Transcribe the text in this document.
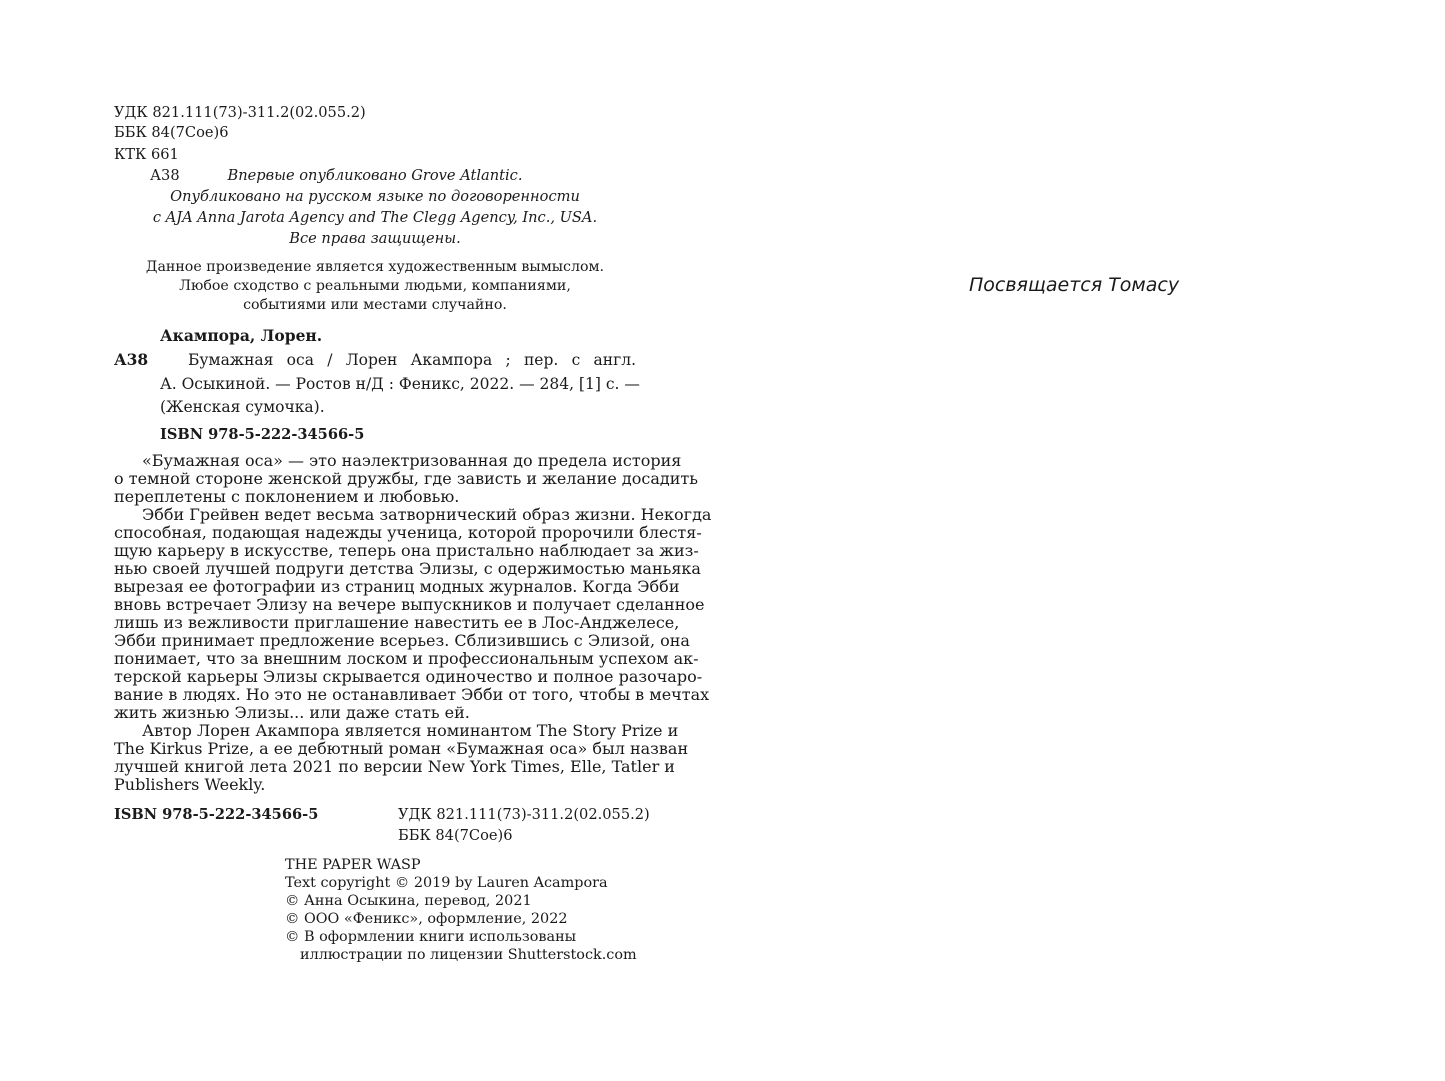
УДК 821.111(73)-311.2(02.055.2)
ББК 84(7Coe)6
КТК 661
А38	Впервые опубликовано Grove Atlantic.
Опубликовано на русском языке по договоренности
с AJA Anna Jarota Agency and The Clegg Agency, Inc., USA.
Все права защищены.
Данное произведение является художественным вымыслом.
Любое сходство с реальными людьми, компаниями,
событиями или местами случайно.
Акампора, Лорен.
А38	Бумажная оса / Лорен Акампора ; пер. с англ.
А. Осыкиной. — Ростов н/Д : Феникс, 2022. — 284, [1] с. —
(Женская сумочка).
ISBN 978-5-222-34566-5
«Бумажная оса» — это наэлектризованная до предела история
о темной стороне женской дружбы, где зависть и желание досадить
переплетены с поклонением и любовью.
Эбби Грейвен ведет весьма затворнический образ жизни. Некогда
способная, подающая надежды ученица, которой пророчили блестя-
щую карьеру в искусстве, теперь она пристально наблюдает за жиз-
нью своей лучшей подруги детства Элизы, с одержимостью маньяка
вырезая ее фотографии из страниц модных журналов. Когда Эбби
вновь встречает Элизу на вечере выпускников и получает сделанное
лишь из вежливости приглашение навестить ее в Лос-Анджелесе,
Эбби принимает предложение всерьез. Сблизившись с Элизой, она
понимает, что за внешним лоском и профессиональным успехом ак-
терской карьеры Элизы скрывается одиночество и полное разочаро-
вание в людях. Но это не останавливает Эбби от того, чтобы в мечтах
жить жизнью Элизы... или даже стать ей.
Автор Лорен Акампора является номинантом The Story Prize и
The Kirkus Prize, а ее дебютный роман «Бумажная оса» был назван
лучшей книгой лета 2021 по версии New York Times, Elle, Tatler и
Publishers Weekly.
ISBN 978-5-222-34566-5	УДК 821.111(73)-311.2(02.055.2)
ББК 84(7Coe)6
THE PAPER WASP
Text copyright © 2019 by Lauren Acampora
© Анна Осыкина, перевод, 2021
© ООО «Феникс», оформление, 2022
© В оформлении книги использованы
иллюстрации по лицензии Shutterstock.com
Посвящается Томасу
